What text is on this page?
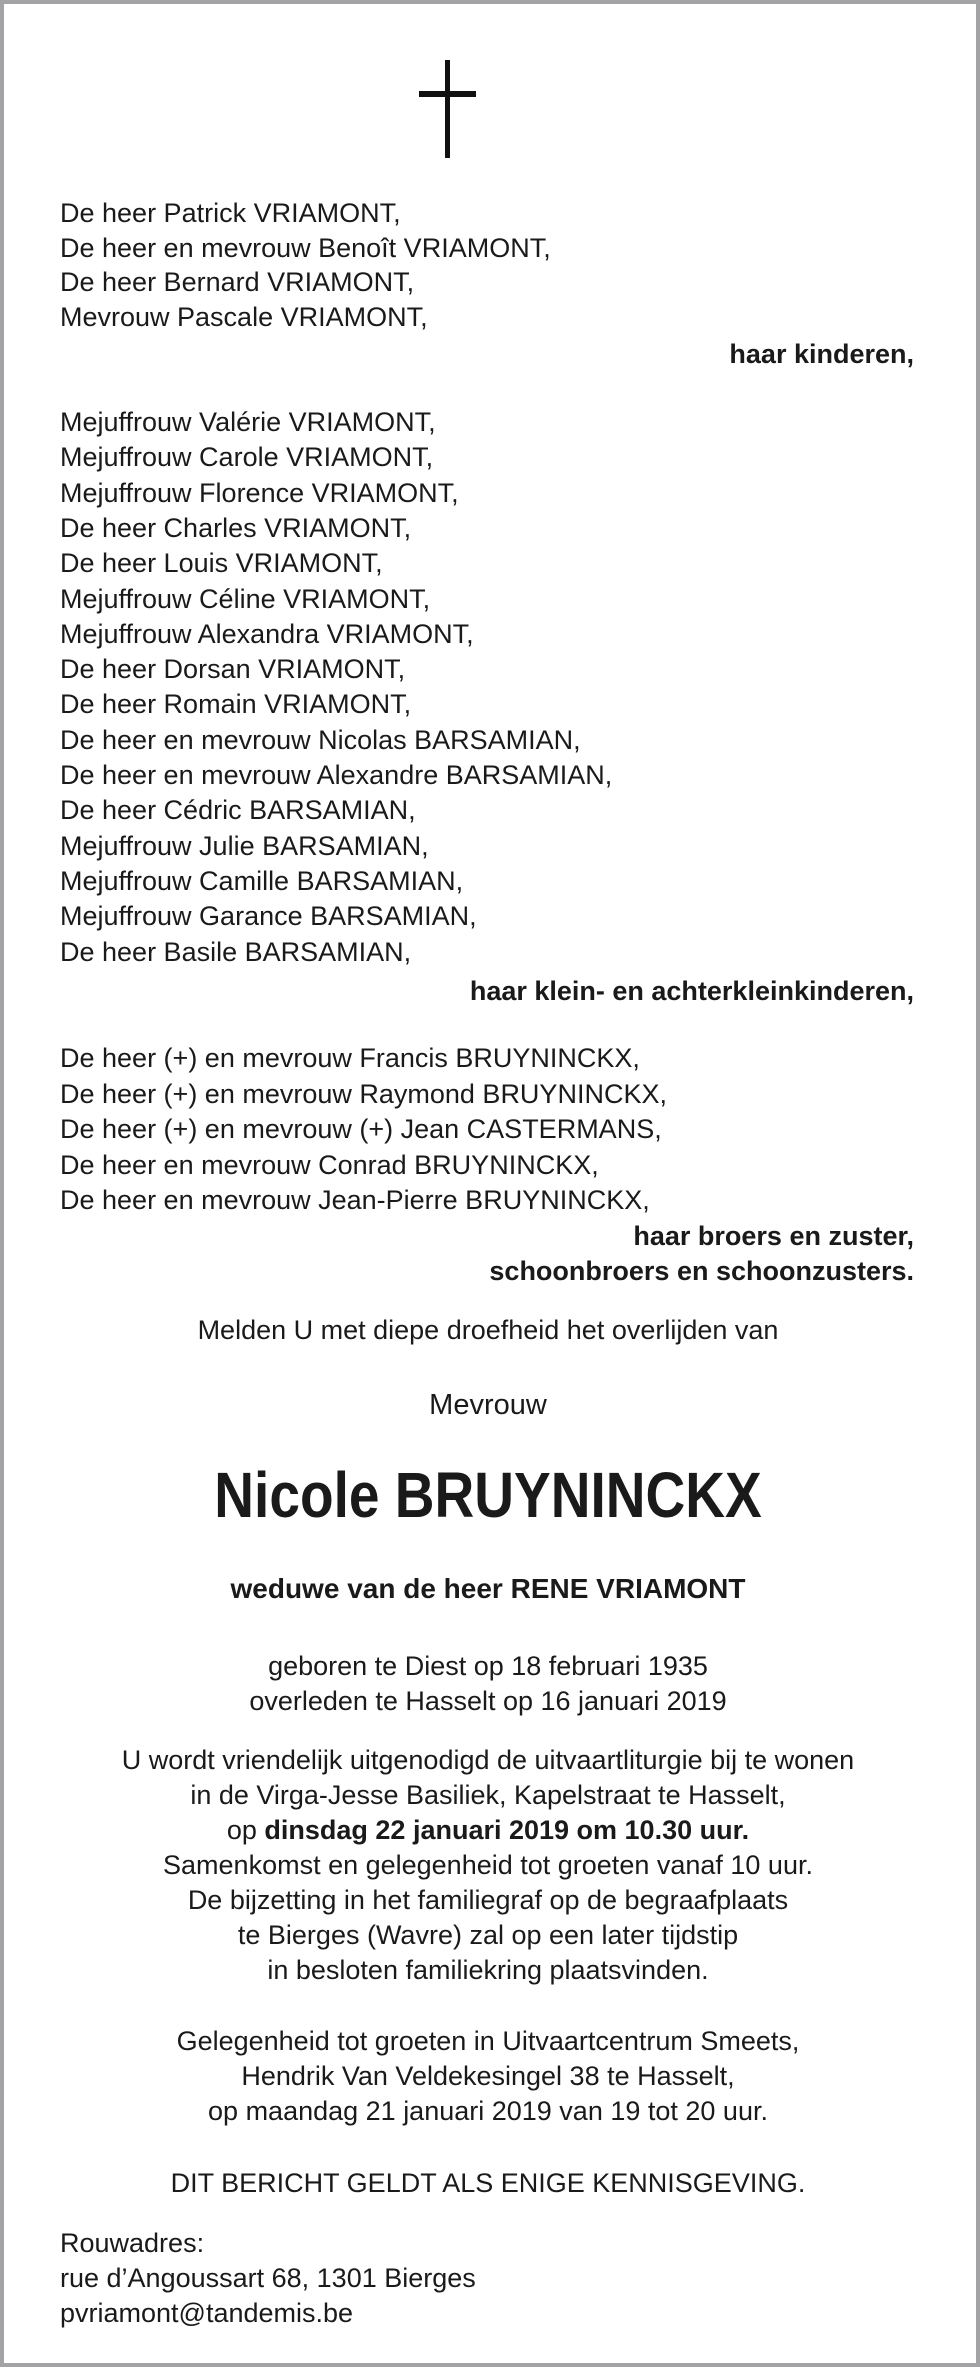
De heer Patrick VRIAMONT,
De heer en mevrouw Benoît VRIAMONT,
De heer Bernard VRIAMONT,
Mevrouw Pascale VRIAMONT,
haar kinderen,
Mejuffrouw Valérie VRIAMONT,
Mejuffrouw Carole VRIAMONT,
Mejuffrouw Florence VRIAMONT,
De heer Charles VRIAMONT,
De heer Louis VRIAMONT,
Mejuffrouw Céline VRIAMONT,
Mejuffrouw Alexandra VRIAMONT,
De heer Dorsan VRIAMONT,
De heer Romain VRIAMONT,
De heer en mevrouw Nicolas BARSAMIAN,
De heer en mevrouw Alexandre BARSAMIAN,
De heer Cédric BARSAMIAN,
Mejuffrouw Julie BARSAMIAN,
Mejuffrouw Camille BARSAMIAN,
Mejuffrouw Garance BARSAMIAN,
De heer Basile BARSAMIAN,
haar klein- en achterkleinkinderen,
De heer (+) en mevrouw Francis BRUYNINCKX,
De heer (+) en mevrouw Raymond BRUYNINCKX,
De heer (+) en mevrouw (+) Jean CASTERMANS,
De heer en mevrouw Conrad BRUYNINCKX,
De heer en mevrouw Jean-Pierre BRUYNINCKX,
haar broers en zuster,
schoonbroers en schoonzusters.
Melden U met diepe droefheid het overlijden van
Mevrouw
Nicole BRUYNINCKX
weduwe van de heer RENE VRIAMONT
geboren te Diest op 18 februari 1935
overleden te Hasselt op 16 januari 2019
U wordt vriendelijk uitgenodigd de uitvaartliturgie bij te wonen
in de Virga-Jesse Basiliek, Kapelstraat te Hasselt,
op dinsdag 22 januari 2019 om 10.30 uur.
Samenkomst en gelegenheid tot groeten vanaf 10 uur.
De bijzetting in het familiegraf op de begraafplaats
te Bierges (Wavre) zal op een later tijdstip
in besloten familiekring plaatsvinden.
Gelegenheid tot groeten in Uitvaartcentrum Smeets,
Hendrik Van Veldekesingel 38 te Hasselt,
op maandag 21 januari 2019 van 19 tot 20 uur.
DIT BERICHT GELDT ALS ENIGE KENNISGEVING.
Rouwadres:
rue d’Angoussart 68, 1301 Bierges
pvriamont@tandemis.be
